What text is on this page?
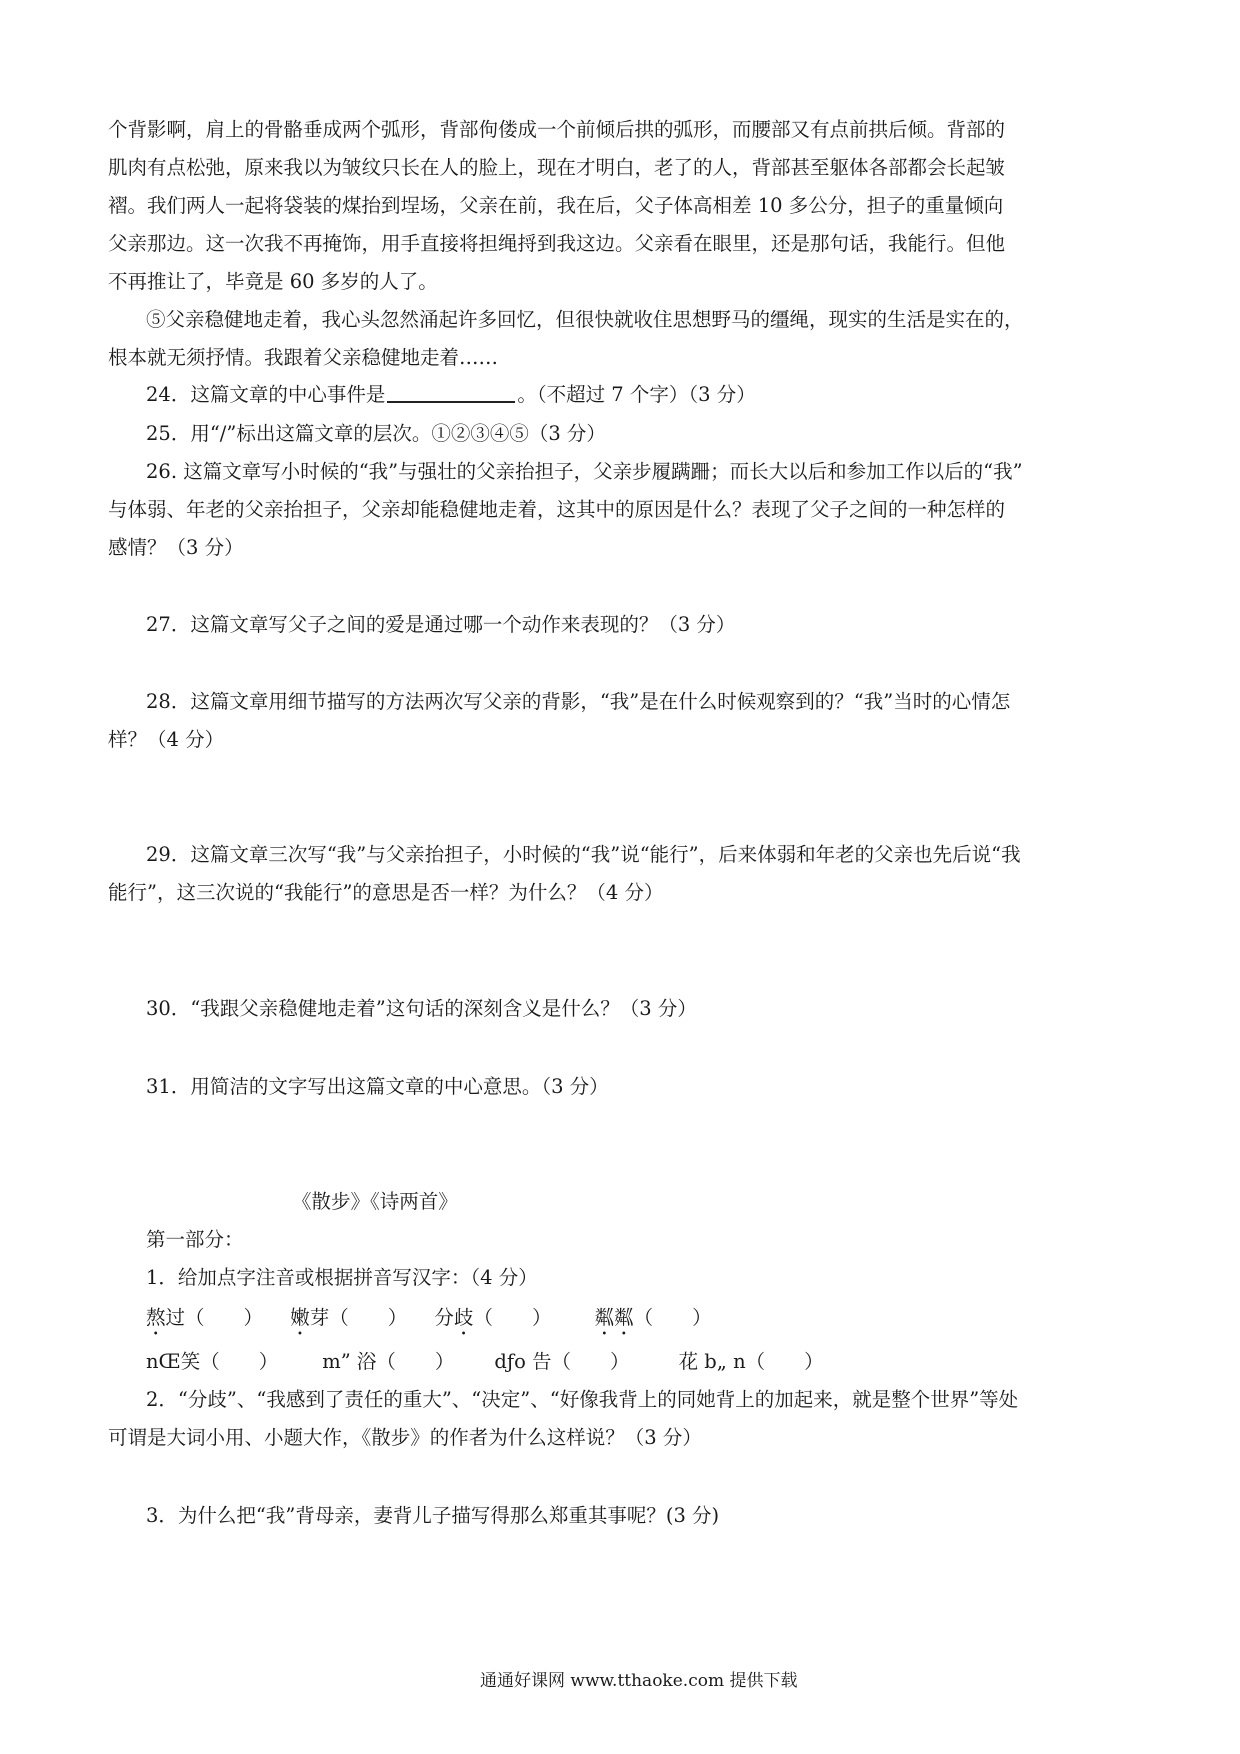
个背影啊，肩上的骨骼垂成两个弧形，背部佝偻成一个前倾后拱的弧形，而腰部又有点前拱后倾。背部的
肌肉有点松弛，原来我以为皱纹只长在人的脸上，现在才明白，老了的人，背部甚至躯体各部都会长起皱
褶。我们两人一起将袋装的煤抬到埕场，父亲在前，我在后，父子体高相差 10 多公分，担子的重量倾向
父亲那边。这一次我不再掩饰，用手直接将担绳捋到我这边。父亲看在眼里，还是那句话，我能行。但他
不再推让了，毕竟是 60 多岁的人了。
⑤父亲稳健地走着，我心头忽然涌起许多回忆，但很快就收住思想野马的缰绳，现实的生活是实在的，
根本就无须抒情。我跟着父亲稳健地走着……
24．这篇文章的中心事件是	。（不超过 7 个字）（3 分）
25．用“/”标出这篇文章的层次。①②③④⑤（3 分）
26. 这篇文章写小时候的“我”与强壮的父亲抬担子，父亲步履蹒跚；而长大以后和参加工作以后的“我”
与体弱、年老的父亲抬担子，父亲却能稳健地走着，这其中的原因是什么？表现了父子之间的一种怎样的
感情？（3 分）
27．这篇文章写父子之间的爱是通过哪一个动作来表现的？（3 分）
28．这篇文章用细节描写的方法两次写父亲的背影，“我”是在什么时候观察到的？“我”当时的心情怎
样？（4 分）
29．这篇文章三次写“我”与父亲抬担子，小时候的“我”说“能行”，后来体弱和年老的父亲也先后说“我
能行”，这三次说的“我能行”的意思是否一样？为什么？（4 分）
30．“我跟父亲稳健地走着”这句话的深刻含义是什么？（3 分）
31．用简洁的文字写出这篇文章的中心意思。（3 分）
《散步》《诗两首》
第一部分：
1．给加点字注音或根据拼音写汉字：（4 分）
熬过（　　） 嫩芽（　　） 分歧（　　） 粼粼（　　）
nŒ笑（　　） m” 浴（　　） dƒo 告（　　）	花 b„ n（　　）
2．“分歧”、“我感到了责任的重大”、“决定”、“好像我背上的同她背上的加起来，就是整个世界”等处
可谓是大词小用、小题大作，《散步》的作者为什么这样说？（3 分）
3．为什么把“我”背母亲，妻背儿子描写得那么郑重其事呢？(3 分)
通通好课网 www.tthaoke.com 提供下载
